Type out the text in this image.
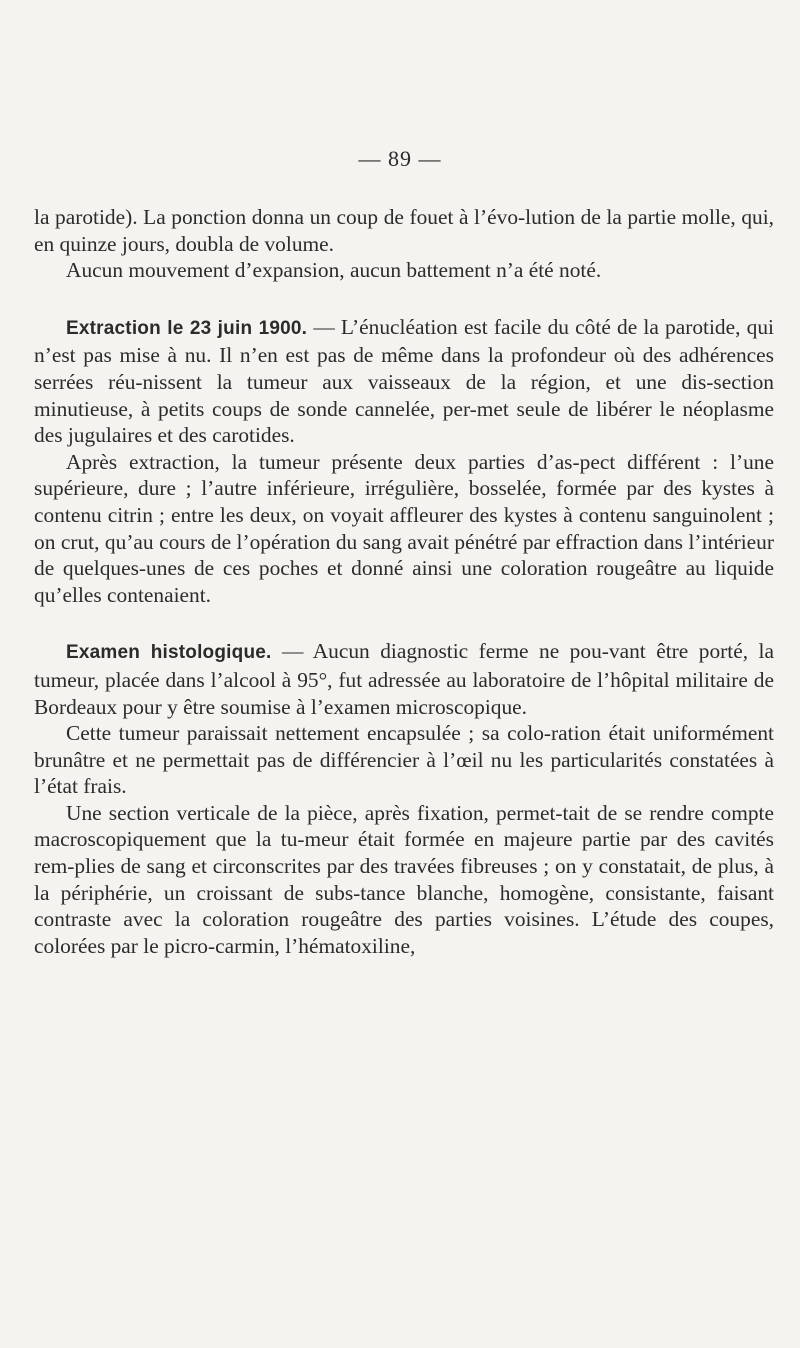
— 89 —

la parotide). La ponction donna un coup de fouet à l’évo-lution de la partie molle, qui, en quinze jours, doubla de volume.

Aucun mouvement d’expansion, aucun battement n’a été noté.

Extraction le 23 juin 1900. — L’énucléation est facile du côté de la parotide, qui n’est pas mise à nu. Il n’en est pas de même dans la profondeur où des adhérences serrées réu-nissent la tumeur aux vaisseaux de la région, et une dis-section minutieuse, à petits coups de sonde cannelée, per-met seule de libérer le néoplasme des jugulaires et des carotides.

Après extraction, la tumeur présente deux parties d’as-pect différent : l’une supérieure, dure ; l’autre inférieure, irrégulière, bosselée, formée par des kystes à contenu citrin ; entre les deux, on voyait affleurer des kystes à contenu sanguinolent ; on crut, qu’au cours de l’opération du sang avait pénétré par effraction dans l’intérieur de quelques-unes de ces poches et donné ainsi une coloration rougeâtre au liquide qu’elles contenaient.

Examen histologique. — Aucun diagnostic ferme ne pou-vant être porté, la tumeur, placée dans l’alcool à 95°, fut adressée au laboratoire de l’hôpital militaire de Bordeaux pour y être soumise à l’examen microscopique.

Cette tumeur paraissait nettement encapsulée ; sa colo-ration était uniformément brunâtre et ne permettait pas de différencier à l’œil nu les particularités constatées à l’état frais.

Une section verticale de la pièce, après fixation, permet-tait de se rendre compte macroscopiquement que la tu-meur était formée en majeure partie par des cavités rem-plies de sang et circonscrites par des travées fibreuses ; on y constatait, de plus, à la périphérie, un croissant de subs-tance blanche, homogène, consistante, faisant contraste avec la coloration rougeâtre des parties voisines. L’étude des coupes, colorées par le picro-carmin, l’hématoxiline,
